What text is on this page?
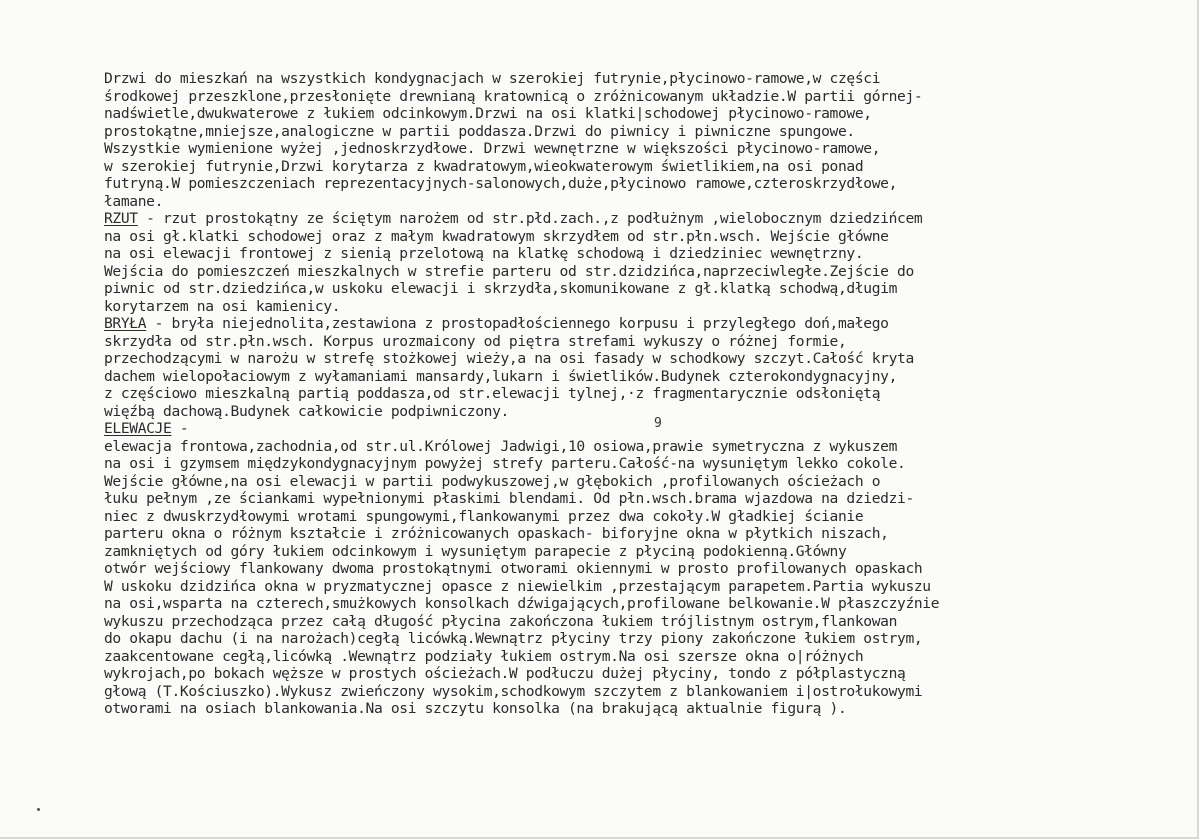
Drzwi do mieszkań na wszystkich kondygnacjach w szerokiej futrynie,płycinowo-ramowe,w części
środkowej przeszklone,przesłonięte drewnianą kratownicą o zróżnicowanym układzie.W partii górnej-
nadświetle,dwukwaterowe z łukiem odcinkowym.Drzwi na osi klatki|schodowej płycinowo-ramowe,
prostokątne,mniejsze,analogiczne w partii poddasza.Drzwi do piwnicy i piwniczne spungowe.
Wszystkie wymienione wyżej ,jednoskrzydłowe. Drzwi wewnętrzne w większości płycinowo-ramowe,
w szerokiej futrynie,Drzwi korytarza z kwadratowym,wieokwaterowym świetlikiem,na osi ponad
futryną.W pomieszczeniach reprezentacyjnych-salonowych,duże,płycinowo ramowe,czteroskrzydłowe,
łamane.
RZUT - rzut prostokątny ze ściętym narożem od str.płd.zach.,z podłużnym ,wielobocznym dziedzińcem
na osi gł.klatki schodowej oraz z małym kwadratowym skrzydłem od str.płn.wsch. Wejście główne
na osi elewacji frontowej z sienią przelotową na klatkę schodową i dziedziniec wewnętrzny.
Wejścia do pomieszczeń mieszkalnych w strefie parteru od str.dzidzińca,naprzeciwległe.Zejście do
piwnic od str.dziedzińca,w uskoku elewacji i skrzydła,skomunikowane z gł.klatką schodwą,długim
korytarzem na osi kamienicy.
BRYŁA - bryła niejednolita,zestawiona z prostopadłościennego korpusu i przyległego doń,małego
skrzydła od str.płn.wsch. Korpus urozmaicony od piętra strefami wykuszy o różnej formie,
przechodzącymi w narożu w strefę stożkowej wieży,a na osi fasady w schodkowy szczyt.Całość kryta
dachem wielopołaciowym z wyłamaniami mansardy,lukarn i świetlików.Budynek czterokondygnacyjny,
z częściowo mieszkalną partią poddasza,od str.elewacji tylnej,·z fragmentarycznie odsłoniętą
więźbą dachową.Budynek całkowicie podpiwniczony.
ELEWACJE -
elewacja frontowa,zachodnia,od str.ul.Królowej Jadwigi,10 osiowa,prawie symetryczna z wykuszem
na osi i gzymsem międzykondygnacyjnym powyżej strefy parteru.Całość-na wysuniętym lekko cokole.
Wejście główne,na osi elewacji w partii podwykuszowej,w głębokich ,profilowanych ościeżach o
łuku pełnym ,ze ściankami wypełnionymi płaskimi blendami. Od płn.wsch.brama wjazdowa na dziedzi-
niec z dwuskrzydłowymi wrotami spungowymi,flankowanymi przez dwa cokoły.W gładkiej ścianie
parteru okna o różnym kształcie i zróżnicowanych opaskach- biforyjne okna w płytkich niszach,
zamkniętych od góry łukiem odcinkowym i wysuniętym parapecie z płyciną podokienną.Główny
otwór wejściowy flankowany dwoma prostokątnymi otworami okiennymi w prosto profilowanych opaskach
W uskoku dzidzińca okna w pryzmatycznej opasce z niewielkim ,przestającym parapetem.Partia wykuszu
na osi,wsparta na czterech,smużkowych konsolkach dźwigających,profilowane belkowanie.W płaszczyźnie
wykuszu przechodząca przez całą długość płycina zakończona łukiem trójlistnym ostrym,flankowan
do okapu dachu (i na narożach)cegłą licówką.Wewnątrz płyciny trzy piony zakończone łukiem ostrym,
zaakcentowane cegłą,licówką .Wewnątrz podziały łukiem ostrym.Na osi szersze okna o|różnych
wykrojach,po bokach węższe w prostych ościeżach.W podłuczu dużej płyciny, tondo z półplastyczną
głową (T.Kościuszko).Wykusz zwieńczony wysokim,schodkowym szczytem z blankowaniem i|ostrołukowymi
otworami na osiach blankowania.Na osi szczytu konsolka (na brakującą aktualnie figurą ).
9
